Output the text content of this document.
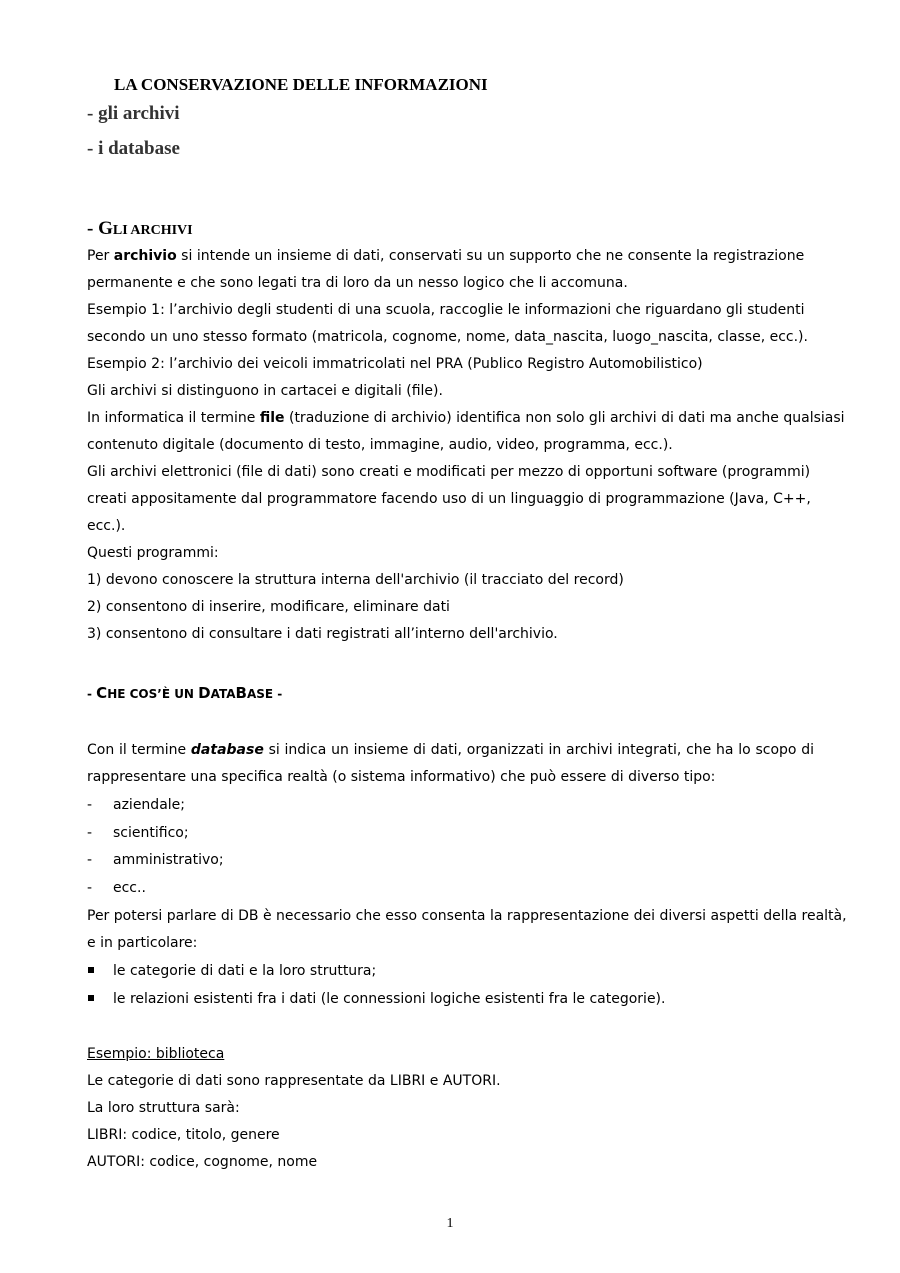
LA CONSERVAZIONE DELLE INFORMAZIONI
- gli archivi
- i database
- GLI ARCHIVI
Per archivio si intende un insieme di dati, conservati su un supporto che ne consente la registrazione
permanente e che sono legati tra di loro da un nesso logico che li accomuna.
Esempio 1: l’archivio degli studenti di una scuola, raccoglie le informazioni che riguardano gli studenti
secondo un uno stesso formato (matricola, cognome, nome, data_nascita, luogo_nascita, classe, ecc.).
Esempio 2: l’archivio dei veicoli immatricolati nel PRA (Publico Registro Automobilistico)
Gli archivi si distinguono in cartacei e digitali (file).
In informatica il termine file (traduzione di archivio) identifica non solo gli archivi di dati ma anche qualsiasi
contenuto digitale (documento di testo, immagine, audio, video, programma, ecc.).
Gli archivi elettronici (file di dati) sono creati e modificati per mezzo di opportuni software (programmi)
creati appositamente dal programmatore facendo uso di un linguaggio di programmazione (Java, C++,
ecc.).
Questi programmi:
1) devono conoscere la struttura interna dell'archivio (il tracciato del record)
2) consentono di inserire, modificare, eliminare dati
3) consentono di consultare i dati registrati all’interno dell'archivio.
- CHE COS’È UN DATABASE -
Con il termine database si indica un insieme di dati, organizzati in archivi integrati, che ha lo scopo di
rappresentare una specifica realtà (o sistema informativo) che può essere di diverso tipo:
- aziendale;
- scientifico;
- amministrativo;
- ecc..
Per potersi parlare di DB è necessario che esso consenta la rappresentazione dei diversi aspetti della realtà,
e in particolare:
le categorie di dati e la loro struttura;
le relazioni esistenti fra i dati (le connessioni logiche esistenti fra le categorie).
Esempio: biblioteca
Le categorie di dati sono rappresentate da LIBRI e AUTORI.
La loro struttura sarà:
LIBRI: codice, titolo, genere
AUTORI: codice, cognome, nome
1
